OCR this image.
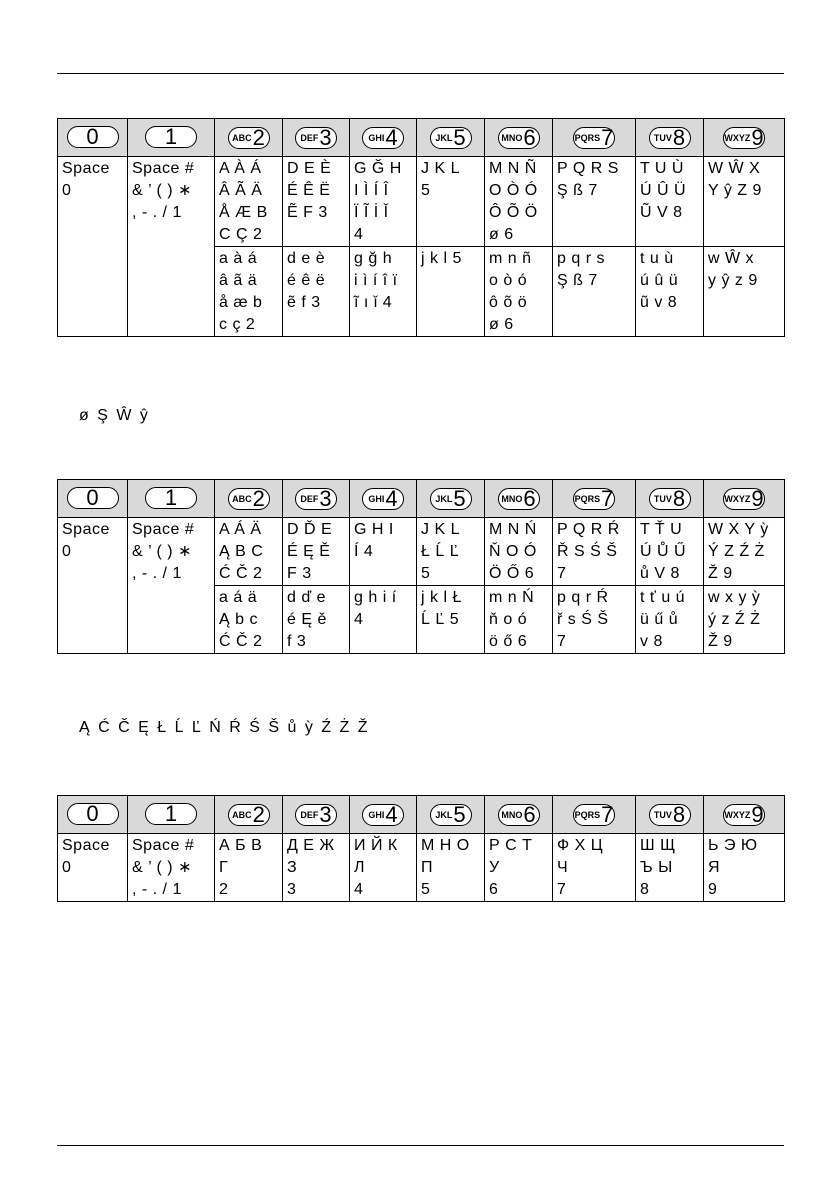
0	1	ABC 2	DEF 3	GHI 4	JKL 5	MNO 6	PQRS 7	TUV 8	WXYZ 9

Space
0	Space #
& ’ ( ) ∗
, - . / 1	A À Á
Â Ã Ä
Å Æ B
C Ç 2	D E È
É Ê Ë
Ẽ F 3	G Ğ H
I Ì Í Î
Ï Ĩ İ Ǐ
4	J K L
5	M N Ñ
O Ò Ó
Ô Õ Ö
ø 6	P Q R S
Ş ß 7	T U Ù
Ú Û Ü
Ũ V 8	W Ŵ X
Y ŷ Z 9

		a à á
â ã ä
å æ b
c ç 2	d e è
é ê ë
ẽ f 3	g ğ h
i ì í î ï
ĩ ı ǐ 4	j k l 5	m n ñ
o ò ó
ô õ ö
ø 6	p q r s
Ş ß 7	t u ù
ú û ü
ũ v 8	w Ŵ x
y ŷ z 9
ø Ş Ŵ ŷ
0	1	ABC 2	DEF 3	GHI 4	JKL 5	MNO 6	PQRS 7	TUV 8	WXYZ 9

Space
0	Space #
& ’ ( ) ∗
, - . / 1	A Á Ä
Ą B C
Ć Č 2	D Ď E
É Ę Ě
F 3	G H I
Í 4	J K L
Ł Ĺ Ľ
5	M N Ń
Ň O Ó
Ö Ő 6	P Q R Ŕ
Ř S Ś Š
7	T Ť U
Ú Ů Ű
ů V 8	W X Y ỳ
Ý Z Ź Ż
Ž 9

		a á ä
Ą b c
Ć Č 2	d ď e
é Ę ě
f 3	g h i í
4	j k l Ł
Ĺ Ľ 5	m n Ń
ň o ó
ö ő 6	p q r Ŕ
ř s Ś Š
7	t ť u ú
ü ű ů
v 8	w x y ỳ
ý z Ź Ż
Ž 9
Ą Ć Č Ę Ł Ĺ Ľ Ń Ŕ Ś Š ů ỳ Ź Ż Ž
0	1	ABC 2	DEF 3	GHI 4	JKL 5	MNO 6	PQRS 7	TUV 8	WXYZ 9

Space
0	Space #
& ’ ( ) ∗
, - . / 1	А Б В
Г
2	Д Е Ж
З
3	И Й К
Л
4	М Н О
П
5	Р С Т
У
6	Ф Х Ц
Ч
7	Ш Щ
Ъ Ы
8	Ь Э Ю
Я
9
